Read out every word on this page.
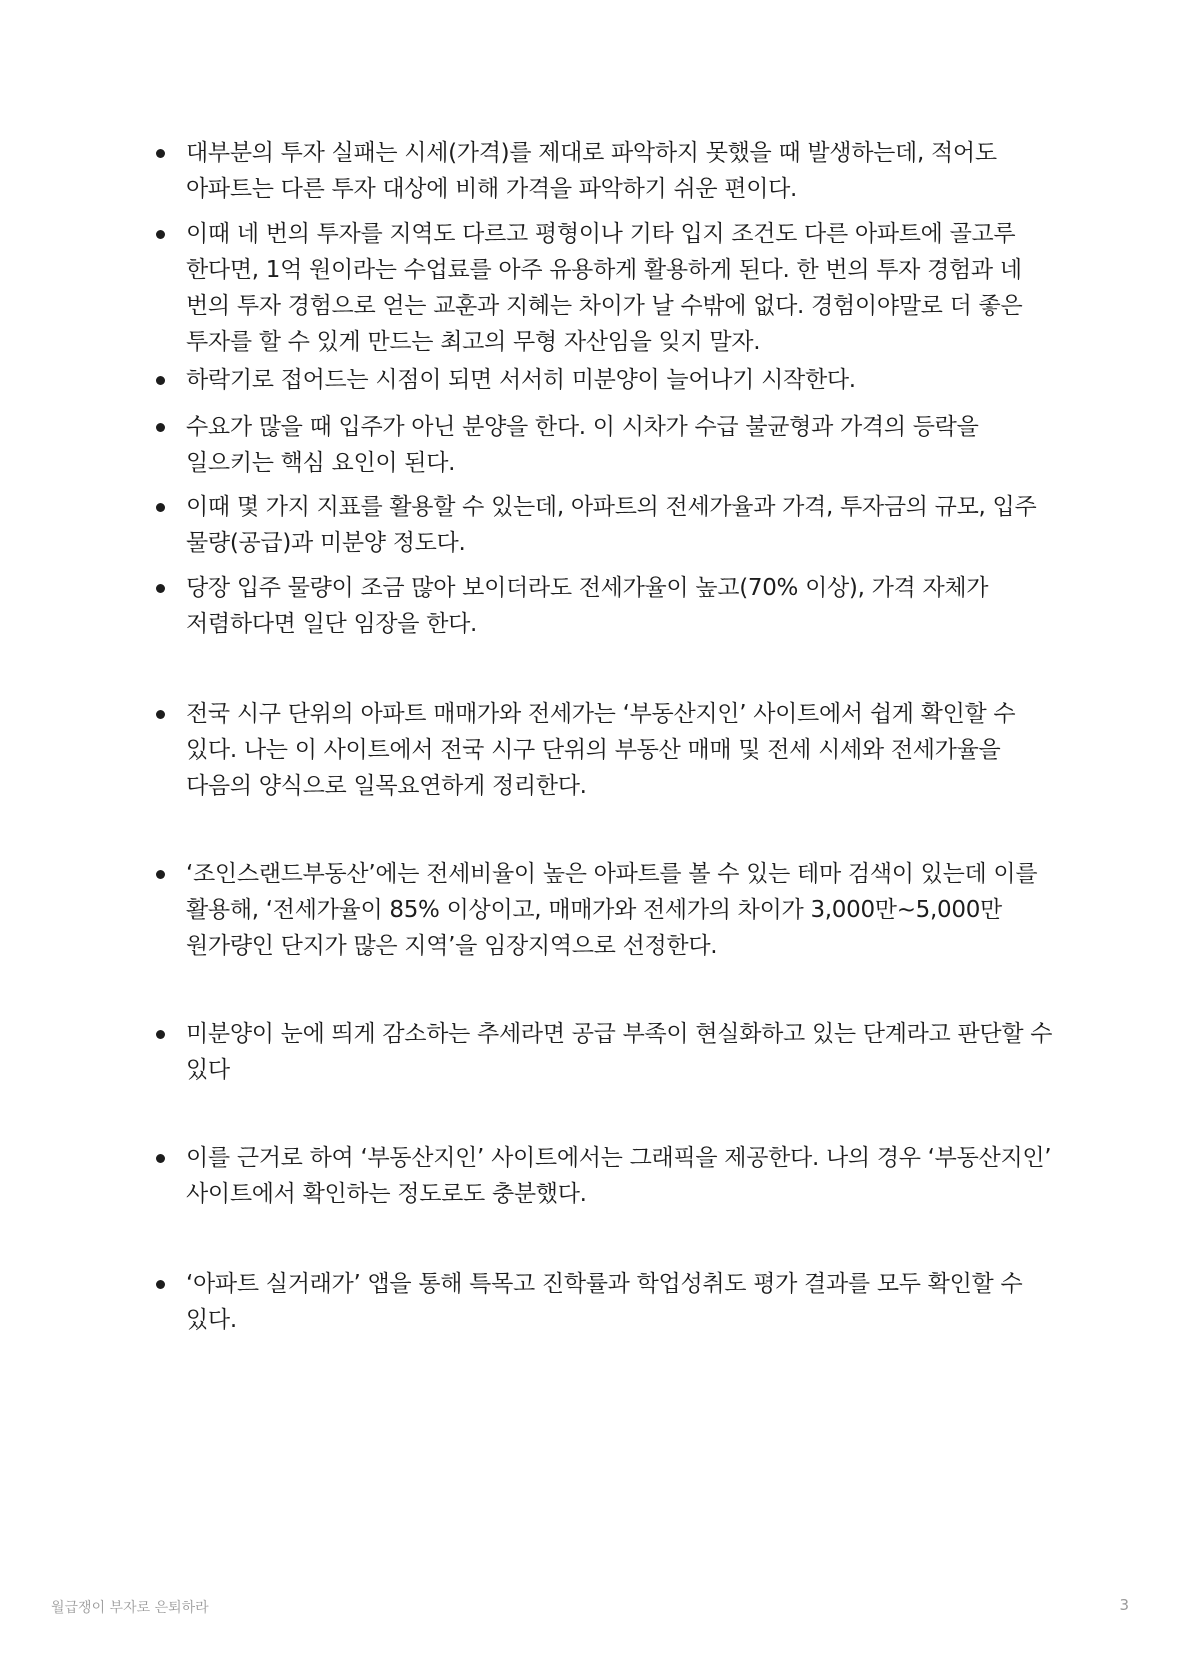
대부분의 투자 실패는 시세(가격)를 제대로 파악하지 못했을 때 발생하는데, 적어도 아파트는 다른 투자 대상에 비해 가격을 파악하기 쉬운 편이다.
이때 네 번의 투자를 지역도 다르고 평형이나 기타 입지 조건도 다른 아파트에 골고루 한다면, 1억 원이라는 수업료를 아주 유용하게 활용하게 된다. 한 번의 투자 경험과 네 번의 투자 경험으로 얻는 교훈과 지혜는 차이가 날 수밖에 없다. 경험이야말로 더 좋은 투자를 할 수 있게 만드는 최고의 무형 자산임을 잊지 말자.
하락기로 접어드는 시점이 되면 서서히 미분양이 늘어나기 시작한다.
수요가 많을 때 입주가 아닌 분양을 한다. 이 시차가 수급 불균형과 가격의 등락을 일으키는 핵심 요인이 된다.
이때 몇 가지 지표를 활용할 수 있는데, 아파트의 전세가율과 가격, 투자금의 규모, 입주 물량(공급)과 미분양 정도다.
당장 입주 물량이 조금 많아 보이더라도 전세가율이 높고(70% 이상), 가격 자체가 저렴하다면 일단 임장을 한다.
전국 시구 단위의 아파트 매매가와 전세가는 ‘부동산지인’ 사이트에서 쉽게 확인할 수 있다. 나는 이 사이트에서 전국 시구 단위의 부동산 매매 및 전세 시세와 전세가율을 다음의 양식으로 일목요연하게 정리한다.
‘조인스랜드부동산’에는 전세비율이 높은 아파트를 볼 수 있는 테마 검색이 있는데 이를 활용해, ‘전세가율이 85% 이상이고, 매매가와 전세가의 차이가 3,000만~5,000만 원가량인 단지가 많은 지역’을 임장지역으로 선정한다.
미분양이 눈에 띄게 감소하는 추세라면 공급 부족이 현실화하고 있는 단계라고 판단할 수 있다
이를 근거로 하여 ‘부동산지인’ 사이트에서는 그래픽을 제공한다. 나의 경우 ‘부동산지인’ 사이트에서 확인하는 정도로도 충분했다.
‘아파트 실거래가’ 앱을 통해 특목고 진학률과 학업성취도 평가 결과를 모두 확인할 수 있다.
월급쟁이 부자로 은퇴하라	3
